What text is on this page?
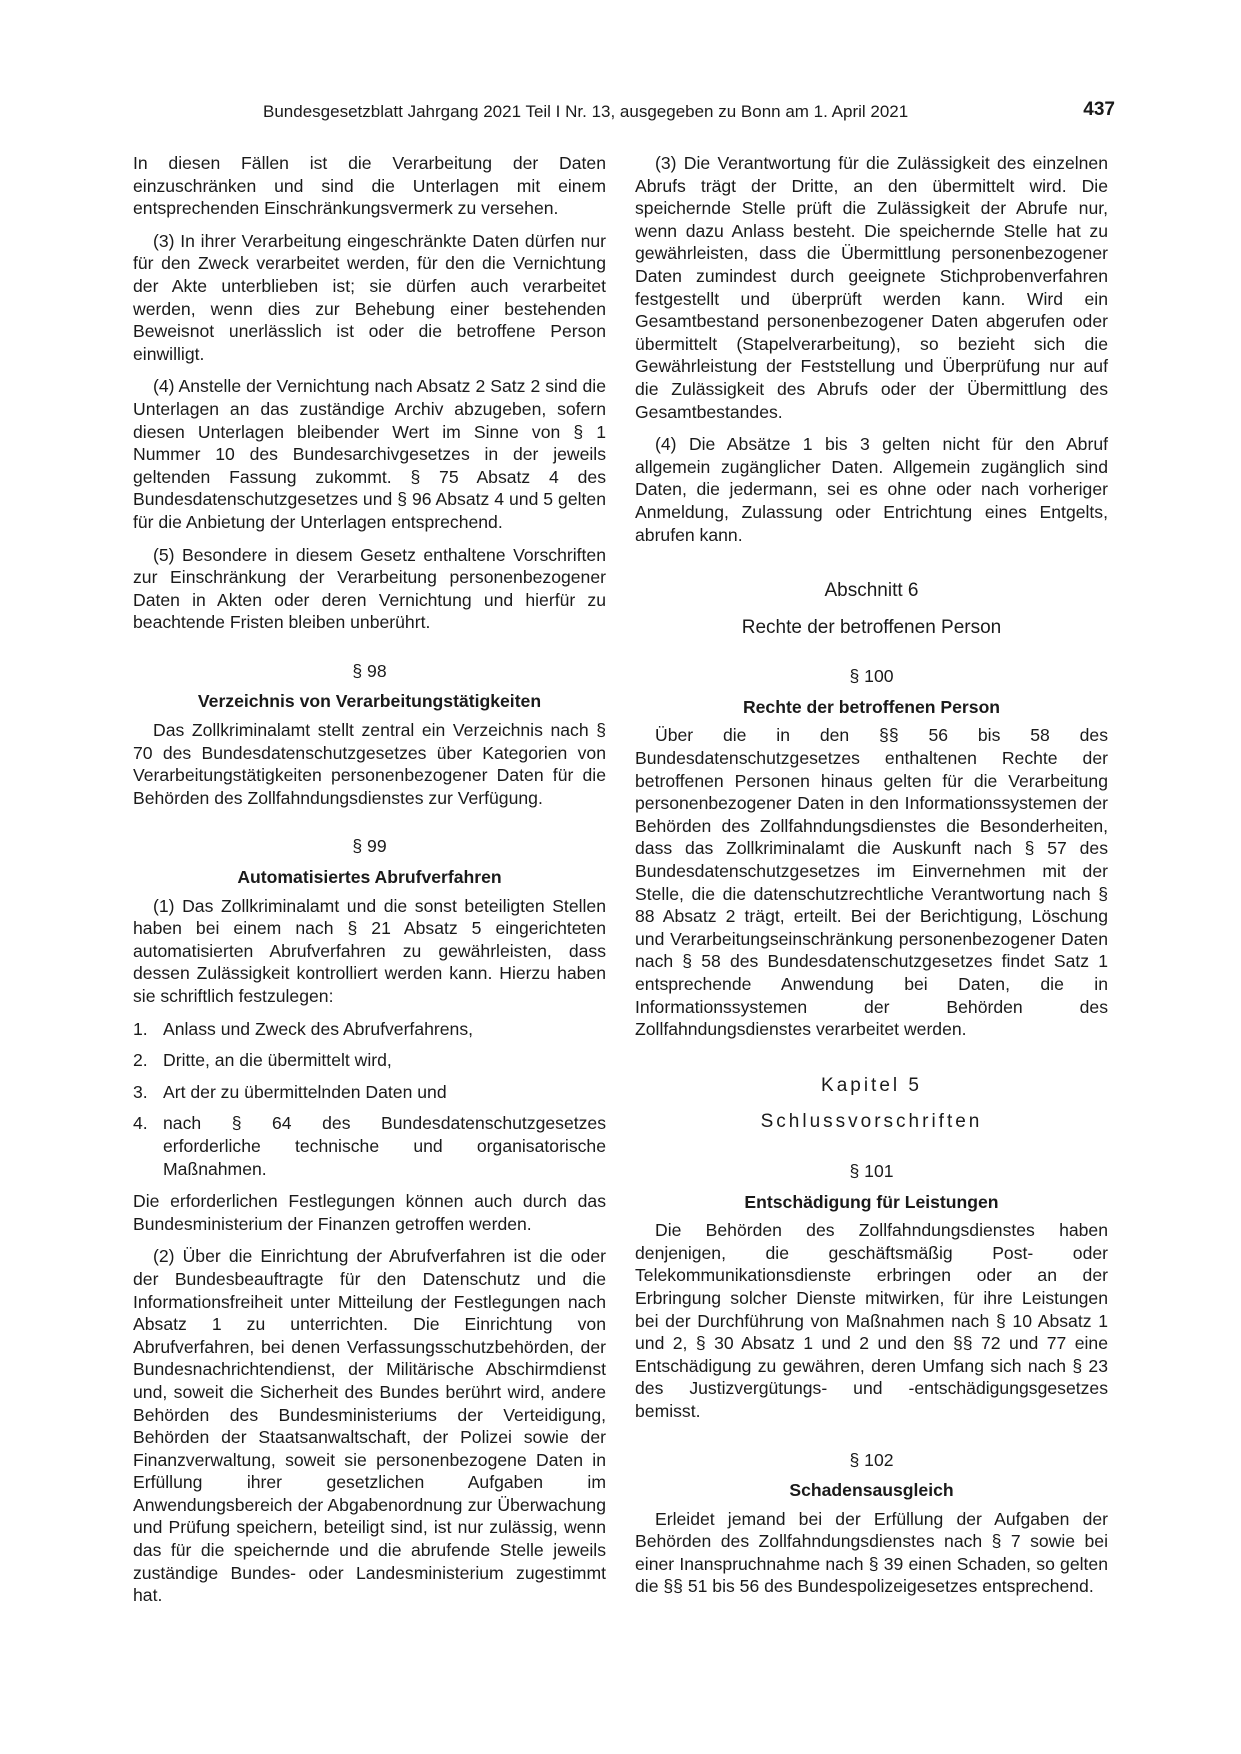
Bundesgesetzblatt Jahrgang 2021 Teil I Nr. 13, ausgegeben zu Bonn am 1. April 2021	437

In diesen Fällen ist die Verarbeitung der Daten einzuschränken und sind die Unterlagen mit einem entsprechenden Einschränkungsvermerk zu versehen.

(3) In ihrer Verarbeitung eingeschränkte Daten dürfen nur für den Zweck verarbeitet werden, für den die Vernichtung der Akte unterblieben ist; sie dürfen auch verarbeitet werden, wenn dies zur Behebung einer bestehenden Beweisnot unerlässlich ist oder die betroffene Person einwilligt.

(4) Anstelle der Vernichtung nach Absatz 2 Satz 2 sind die Unterlagen an das zuständige Archiv abzugeben, sofern diesen Unterlagen bleibender Wert im Sinne von § 1 Nummer 10 des Bundesarchivgesetzes in der jeweils geltenden Fassung zukommt. § 75 Absatz 4 des Bundesdatenschutzgesetzes und § 96 Absatz 4 und 5 gelten für die Anbietung der Unterlagen entsprechend.

(5) Besondere in diesem Gesetz enthaltene Vorschriften zur Einschränkung der Verarbeitung personenbezogener Daten in Akten oder deren Vernichtung und hierfür zu beachtende Fristen bleiben unberührt.

§ 98
Verzeichnis von Verarbeitungstätigkeiten

Das Zollkriminalamt stellt zentral ein Verzeichnis nach § 70 des Bundesdatenschutzgesetzes über Kategorien von Verarbeitungstätigkeiten personenbezogener Daten für die Behörden des Zollfahndungsdienstes zur Verfügung.

§ 99
Automatisiertes Abrufverfahren

(1) Das Zollkriminalamt und die sonst beteiligten Stellen haben bei einem nach § 21 Absatz 5 eingerichteten automatisierten Abrufverfahren zu gewährleisten, dass dessen Zulässigkeit kontrolliert werden kann. Hierzu haben sie schriftlich festzulegen:

1. Anlass und Zweck des Abrufverfahrens,
2. Dritte, an die übermittelt wird,
3. Art der zu übermittelnden Daten und
4. nach § 64 des Bundesdatenschutzgesetzes erforderliche technische und organisatorische Maßnahmen.

Die erforderlichen Festlegungen können auch durch das Bundesministerium der Finanzen getroffen werden.

(2) Über die Einrichtung der Abrufverfahren ist die oder der Bundesbeauftragte für den Datenschutz und die Informationsfreiheit unter Mitteilung der Festlegungen nach Absatz 1 zu unterrichten. Die Einrichtung von Abrufverfahren, bei denen Verfassungsschutzbehörden, der Bundesnachrichtendienst, der Militärische Abschirmdienst und, soweit die Sicherheit des Bundes berührt wird, andere Behörden des Bundesministeriums der Verteidigung, Behörden der Staatsanwaltschaft, der Polizei sowie der Finanzverwaltung, soweit sie personenbezogene Daten in Erfüllung ihrer gesetzlichen Aufgaben im Anwendungsbereich der Abgabenordnung zur Überwachung und Prüfung speichern, beteiligt sind, ist nur zulässig, wenn das für die speichernde und die abrufende Stelle jeweils zuständige Bundes- oder Landesministerium zugestimmt hat.

(3) Die Verantwortung für die Zulässigkeit des einzelnen Abrufs trägt der Dritte, an den übermittelt wird. Die speichernde Stelle prüft die Zulässigkeit der Abrufe nur, wenn dazu Anlass besteht. Die speichernde Stelle hat zu gewährleisten, dass die Übermittlung personenbezogener Daten zumindest durch geeignete Stichprobenverfahren festgestellt und überprüft werden kann. Wird ein Gesamtbestand personenbezogener Daten abgerufen oder übermittelt (Stapelverarbeitung), so bezieht sich die Gewährleistung der Feststellung und Überprüfung nur auf die Zulässigkeit des Abrufs oder der Übermittlung des Gesamtbestandes.

(4) Die Absätze 1 bis 3 gelten nicht für den Abruf allgemein zugänglicher Daten. Allgemein zugänglich sind Daten, die jedermann, sei es ohne oder nach vorheriger Anmeldung, Zulassung oder Entrichtung eines Entgelts, abrufen kann.

Abschnitt 6
Rechte der betroffenen Person
§ 100
Rechte der betroffenen Person

Über die in den §§ 56 bis 58 des Bundesdatenschutzgesetzes enthaltenen Rechte der betroffenen Personen hinaus gelten für die Verarbeitung personenbezogener Daten in den Informationssystemen der Behörden des Zollfahndungsdienstes die Besonderheiten, dass das Zollkriminalamt die Auskunft nach § 57 des Bundesdatenschutzgesetzes im Einvernehmen mit der Stelle, die die datenschutzrechtliche Verantwortung nach § 88 Absatz 2 trägt, erteilt. Bei der Berichtigung, Löschung und Verarbeitungseinschränkung personenbezogener Daten nach § 58 des Bundesdatenschutzgesetzes findet Satz 1 entsprechende Anwendung bei Daten, die in Informationssystemen der Behörden des Zollfahndungsdienstes verarbeitet werden.

Kapitel 5
Schlussvorschriften
§ 101
Entschädigung für Leistungen

Die Behörden des Zollfahndungsdienstes haben denjenigen, die geschäftsmäßig Post- oder Telekommunikationsdienste erbringen oder an der Erbringung solcher Dienste mitwirken, für ihre Leistungen bei der Durchführung von Maßnahmen nach § 10 Absatz 1 und 2, § 30 Absatz 1 und 2 und den §§ 72 und 77 eine Entschädigung zu gewähren, deren Umfang sich nach § 23 des Justizvergütungs- und -entschädigungsgesetzes bemisst.

§ 102
Schadensausgleich

Erleidet jemand bei der Erfüllung der Aufgaben der Behörden des Zollfahndungsdienstes nach § 7 sowie bei einer Inanspruchnahme nach § 39 einen Schaden, so gelten die §§ 51 bis 56 des Bundespolizeigesetzes entsprechend.
